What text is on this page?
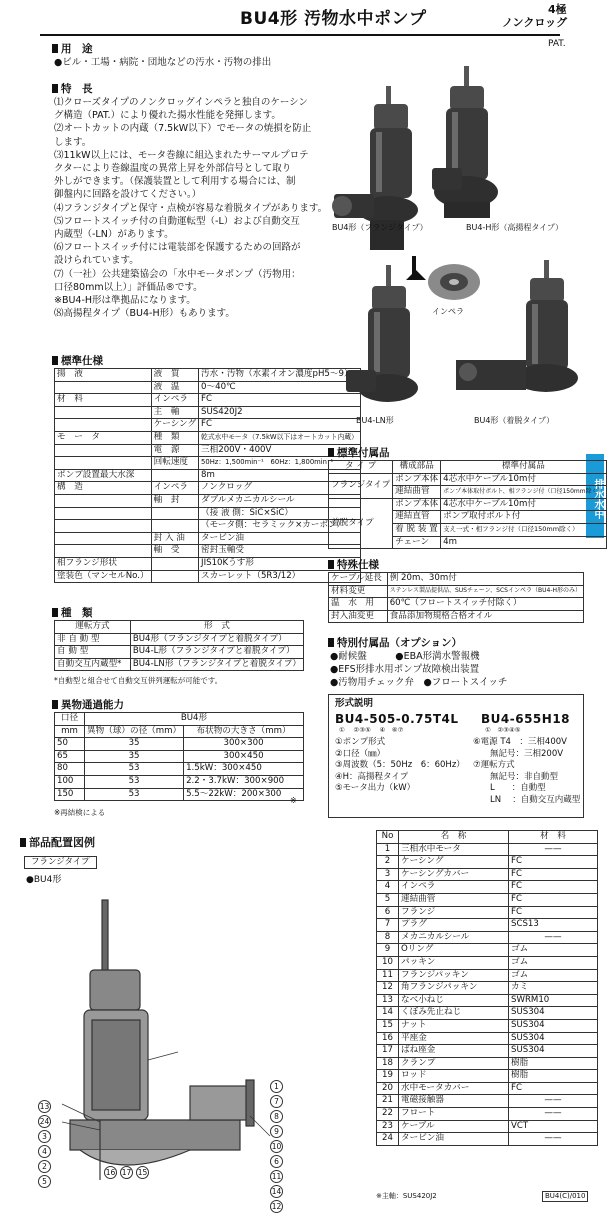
BU4形 汚物水中ポンプ	4極
ノンクロッグ
PAT.
用　途
●ビル・工場・病院・団地などの汚水・汚物の排出
特　長
⑴クローズタイプのノンクロッグインペラと独自のケーシン
グ構造（PAT.）により優れた揚水性能を発揮します。
⑵オートカットの内蔵（7.5kW以下）でモータの焼損を防止
します。
⑶11kW以上には、モータ巻線に組込まれたサーマルプロテ
クターにより巻線温度の異常上昇を外部信号として取り
外しができます。（保護装置として利用する場合には、制
御盤内に回路を設けてください。）
⑷フランジタイプと保守・点検が容易な着脱タイプがあります。
⑸フロートスイッチ付の自動運転型（-L）および自動交互
内蔵型（-LN）があります。
⑹フロートスイッチ付には電装部を保護するための回路が
設けられています。
⑺（一社）公共建築協会の「水中モータポンプ（汚物用：
口径80mm以上）」評価品®です。
※BU4-H形は準拠品になります。
⑻高揚程タイプ（BU4-H形）もあります。
BU4形（フランジタイプ）	BU4-H形（高揚程タイプ）
インペラ
BU4-LN形	BU4形（着脱タイプ）
排水水中
標準仕様
揚　液	液　質	汚水・汚物（水素イオン濃度pH5～9）
	液　温	0～40℃
材　料	インペラ	FC
	主　軸	SUS420J2
	ケーシング	FC
モ　ー　タ	種　類	乾式水中モータ（7.5kW以下はオートカット内蔵）
	電　源	三相200V・400V
	回転速度	50Hz：1,500min⁻¹　60Hz：1,800min⁻¹
ポンプ設置最大水深		8m
構　造	インペラ	ノンクロッグ
	軸　封	ダブルメカニカルシール
		（接 液 側：SiC×SiC）
		（モータ側：セラミック×カーボン）
	封 入 油	タービン油
	軸　受	密封玉軸受
相フランジ形状		JIS10Kうす形
塗装色（マンセルNo.）		スカーレット（5R3/12）
種　類
運転方式	形　式
非 自 動 型	BU4形（フランジタイプと着脱タイプ）
自 動 型	BU4-L形（フランジタイプと着脱タイプ）
自動交互内蔵型*	BU4-LN形（フランジタイプと着脱タイプ）
*自動型と組合せて自動交互併列運転が可能です。
異物通過能力
口径	BU4形	
mm	異物（球）の径（mm）	布状物の大きさ（mm）
50	35	300×300
65	35	300×450
80	53	1.5kW：300×450
100	53	2.2・3.7kW：300×900
150	53	5.5～22kW：200×300
※
※再結検による
標準付属品
タ イ プ	構成部品	標準付属品
フランジタイプ	ポンプ本体	4芯水中ケーブル10m付
	連結曲管	ポンプ本体取付ボルト、相フランジ付（口径150mm除く）
着脱タイプ	ポンプ本体	4芯水中ケーブル10m付
	連結直管	ポンプ取付ボルト付
	着 脱 装 置	支え一式・相フランジ付（口径150mm除く）
	チェーン	4m
特殊仕様
ケーブル延長	例 20m、30m付
材料変更	ステンレス製品提供品、SUSチェーン、SCSインペラ（BU4-H形のみ）
温　水　用	60℃（フロートスイッチ付除く）
封入油変更	食品添加物規格合格オイル
特別付属品（オプション）
●耐候盤　　　●EBA形満水警報機
●EFS形排水用ポンプ故障検出装置
●汚物用チェック弁　●フロートスイッチ
形式説明
BU4-505-0.75T4L BU4-655H18
①　 ②③⑤　 ④　⑥⑦	①　②③④⑤
①ポンプ形式
②口径（㎜）
③周波数（5：50Hz　6：60Hz）
④H：高揚程タイプ
⑤モータ出力（kW）
⑥電源 T4　：三相400V
　　無記号：三相200V
⑦運転方式
　　無記号：非自動型
　　L　　：自動型
　　LN　 ：自動交互内蔵型
部品配置図例
フランジタイプ
●BU4形
13
24
3
4
2
5
1
7
8
9
10
6
11
14
12
16 17 15
No	名　称	材　料
1	三相水中モータ	——
2	ケーシング	FC
3	ケーシングカバー	FC
4	インペラ	FC
5	連結曲管	FC
6	フランジ	FC
7	プラグ	SCS13
8	メカニカルシール	——
9	Oリング	ゴム
10	パッキン	ゴム
11	フランジパッキン	ゴム
12	角フランジパッキン	カミ
13	なべ小ねじ	SWRM10
14	くぼみ先止ねじ	SUS304
15	ナット	SUS304
16	平座金	SUS304
17	ばね座金	SUS304
18	クランプ	樹脂
19	ロッド	樹脂
20	水中モータカバー	FC
21	電磁接触器	——
22	フロート	——
23	ケーブル	VCT
24	タービン油	——
※主軸：SUS420J2	BU4(C)/010
